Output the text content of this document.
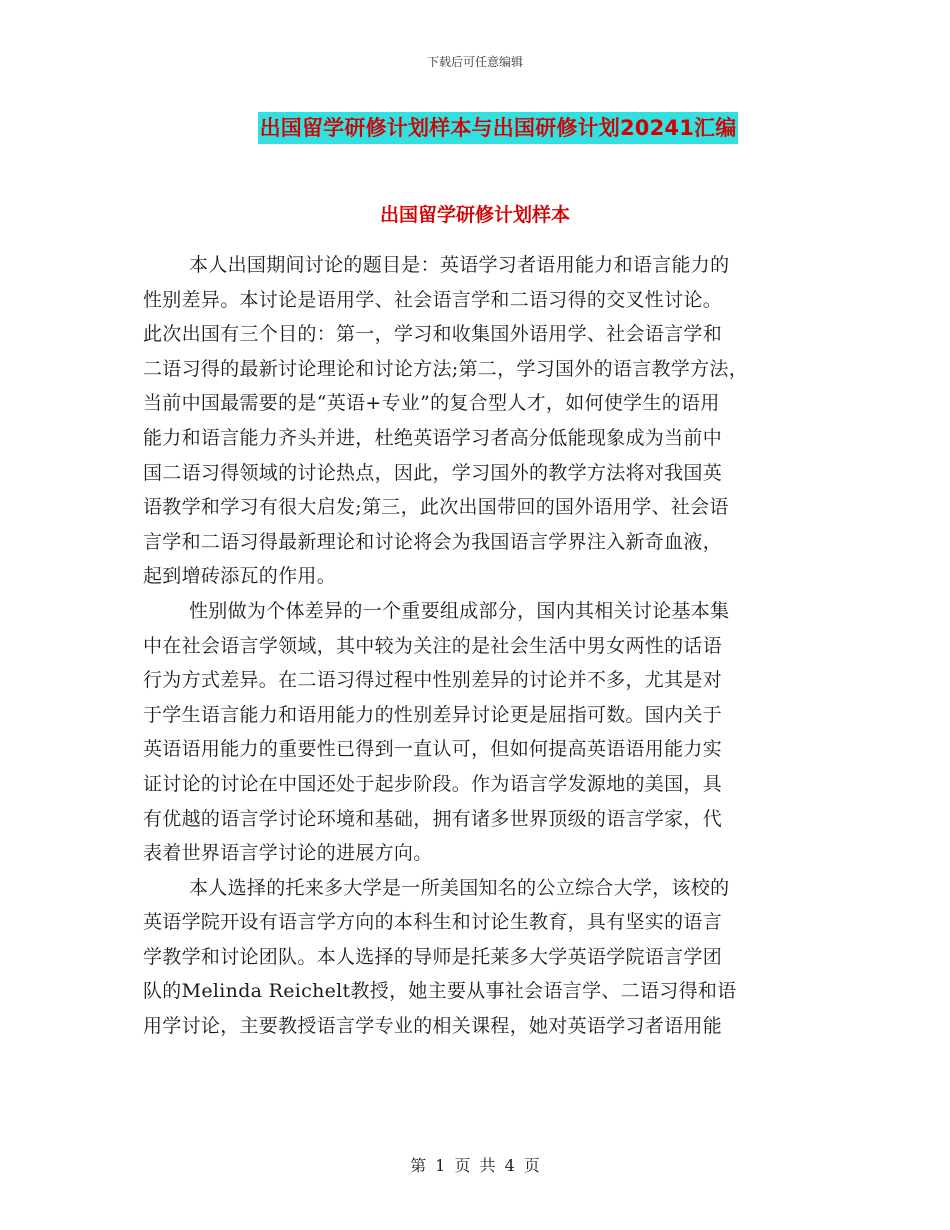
下载后可任意编辑
出国留学研修计划样本与出国研修计划20241汇编
出国留学研修计划样本
本人出国期间讨论的题目是：英语学习者语用能力和语言能力的
性别差异。本讨论是语用学、社会语言学和二语习得的交叉性讨论。
此次出国有三个目的：第一，学习和收集国外语用学、社会语言学和
二语习得的最新讨论理论和讨论方法;第二，学习国外的语言教学方法，
当前中国最需要的是“英语+专业”的复合型人才，如何使学生的语用
能力和语言能力齐头并进，杜绝英语学习者高分低能现象成为当前中
国二语习得领域的讨论热点，因此，学习国外的教学方法将对我国英
语教学和学习有很大启发;第三，此次出国带回的国外语用学、社会语
言学和二语习得最新理论和讨论将会为我国语言学界注入新奇血液，
起到增砖添瓦的作用。
性别做为个体差异的一个重要组成部分，国内其相关讨论基本集
中在社会语言学领域，其中较为关注的是社会生活中男女两性的话语
行为方式差异。在二语习得过程中性别差异的讨论并不多，尤其是对
于学生语言能力和语用能力的性别差异讨论更是屈指可数。国内关于
英语语用能力的重要性已得到一直认可，但如何提高英语语用能力实
证讨论的讨论在中国还处于起步阶段。作为语言学发源地的美国，具
有优越的语言学讨论环境和基础，拥有诸多世界顶级的语言学家，代
表着世界语言学讨论的进展方向。
本人选择的托来多大学是一所美国知名的公立综合大学，该校的
英语学院开设有语言学方向的本科生和讨论生教育，具有坚实的语言
学教学和讨论团队。本人选择的导师是托莱多大学英语学院语言学团
队的Melinda Reichelt教授，她主要从事社会语言学、二语习得和语
用学讨论，主要教授语言学专业的相关课程，她对英语学习者语用能
第 1 页 共 4 页
